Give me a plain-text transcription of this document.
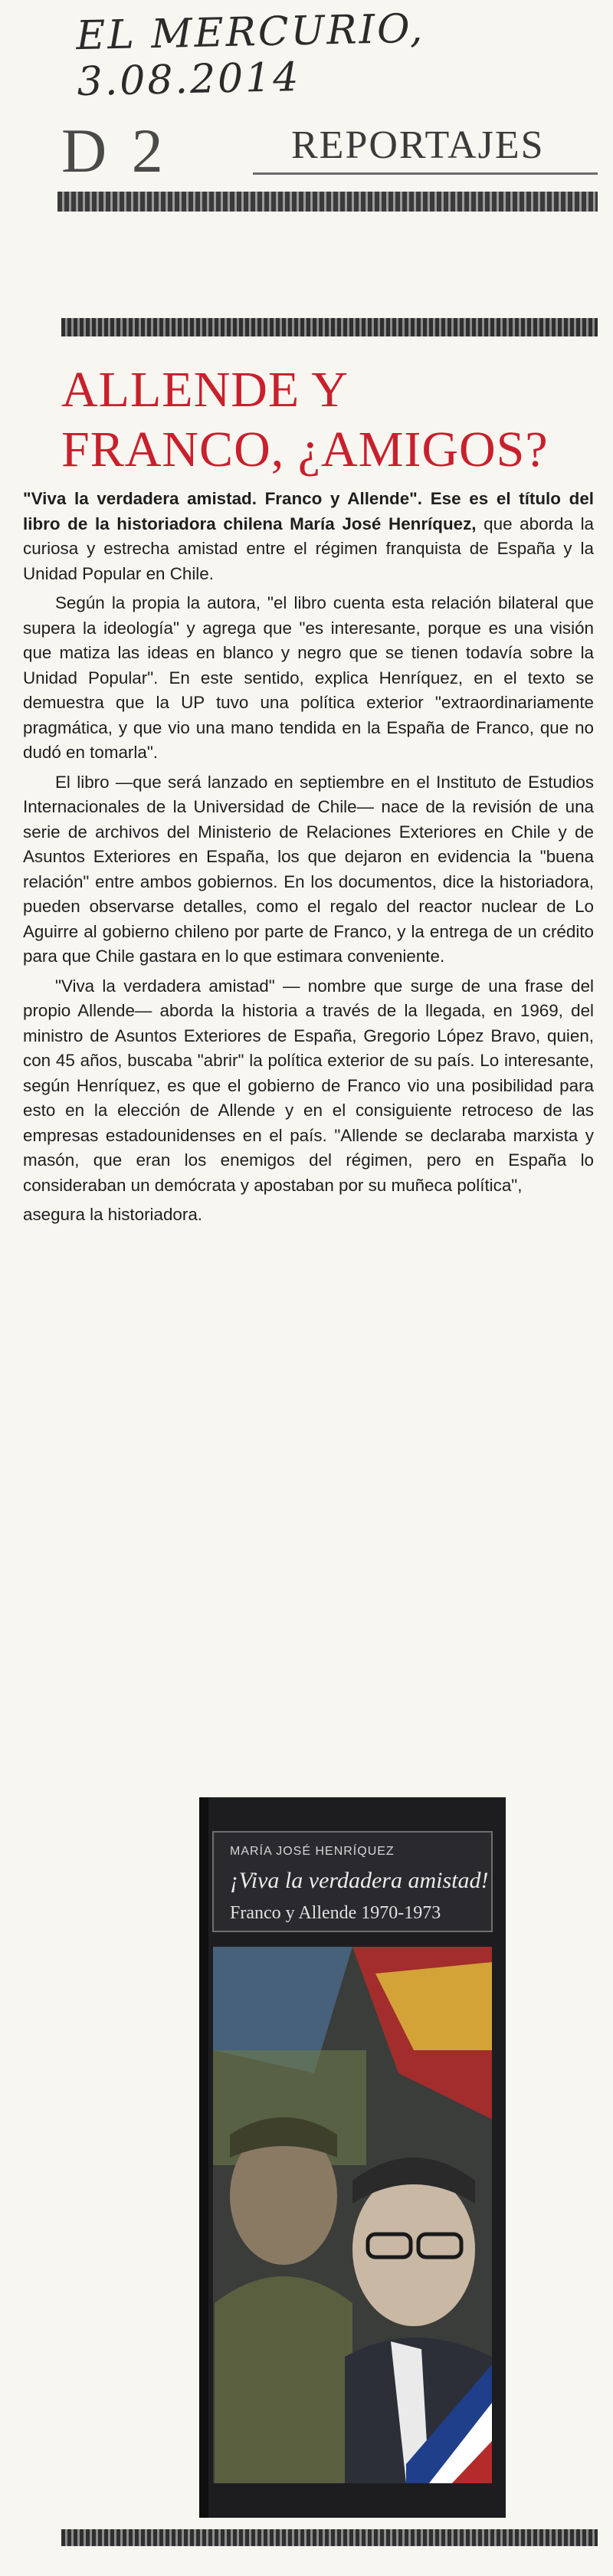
EL MERCURIO, 3.08.2014
D 2	REPORTAJES
ALLENDE Y
FRANCO, ¿AMIGOS?

"Viva la verdadera amistad. Franco y Allende". Ese es el título del libro de la historiadora chilena María José Henríquez, que aborda la curiosa y estrecha amistad entre el régimen franquista de España y la Unidad Popular en Chile.

Según la propia la autora, "el libro cuenta esta relación bilateral que supera la ideología" y agrega que "es interesante, porque es una visión que matiza las ideas en blanco y negro que se tienen todavía sobre la Unidad Popular". En este sentido, explica Henríquez, en el texto se demuestra que la UP tuvo una política exterior "extraordinariamente pragmática, y que vio una mano tendida en la España de Franco, que no dudó en tomarla".

El libro —que será lanzado en septiembre en el Instituto de Estudios Internacionales de la Universidad de Chile— nace de la revisión de una serie de archivos del Ministerio de Relaciones Exteriores en Chile y de Asuntos Exteriores en España, los que dejaron en evidencia la "buena relación" entre ambos gobiernos. En los documentos, dice la historiadora, pueden observarse detalles, como el regalo del reactor nuclear de Lo Aguirre al gobierno chileno por parte de Franco, y la entrega de un crédito para que Chile gastara en lo que estimara conveniente.

"Viva la verdadera amistad" — nombre que surge de una frase del propio Allende— aborda la historia a través de la llegada, en 1969, del ministro de Asuntos Exteriores de España, Gregorio López Bravo, quien, con 45 años, buscaba "abrir" la política exterior de su país. Lo interesante, según Henríquez, es que el gobierno de Franco vio una posibilidad para esto en la elección de Allende y en el consiguiente retroceso de las empresas estadounidenses en el país. "Allende se declaraba marxista y masón, que eran los enemigos del régimen, pero en España lo consideraban un demócrata y apostaban por su muñeca política",

asegura la historiadora.

MARÍA JOSÉ HENRÍQUEZ
¡Viva la verdadera amistad!
Franco y Allende 1970-1973
